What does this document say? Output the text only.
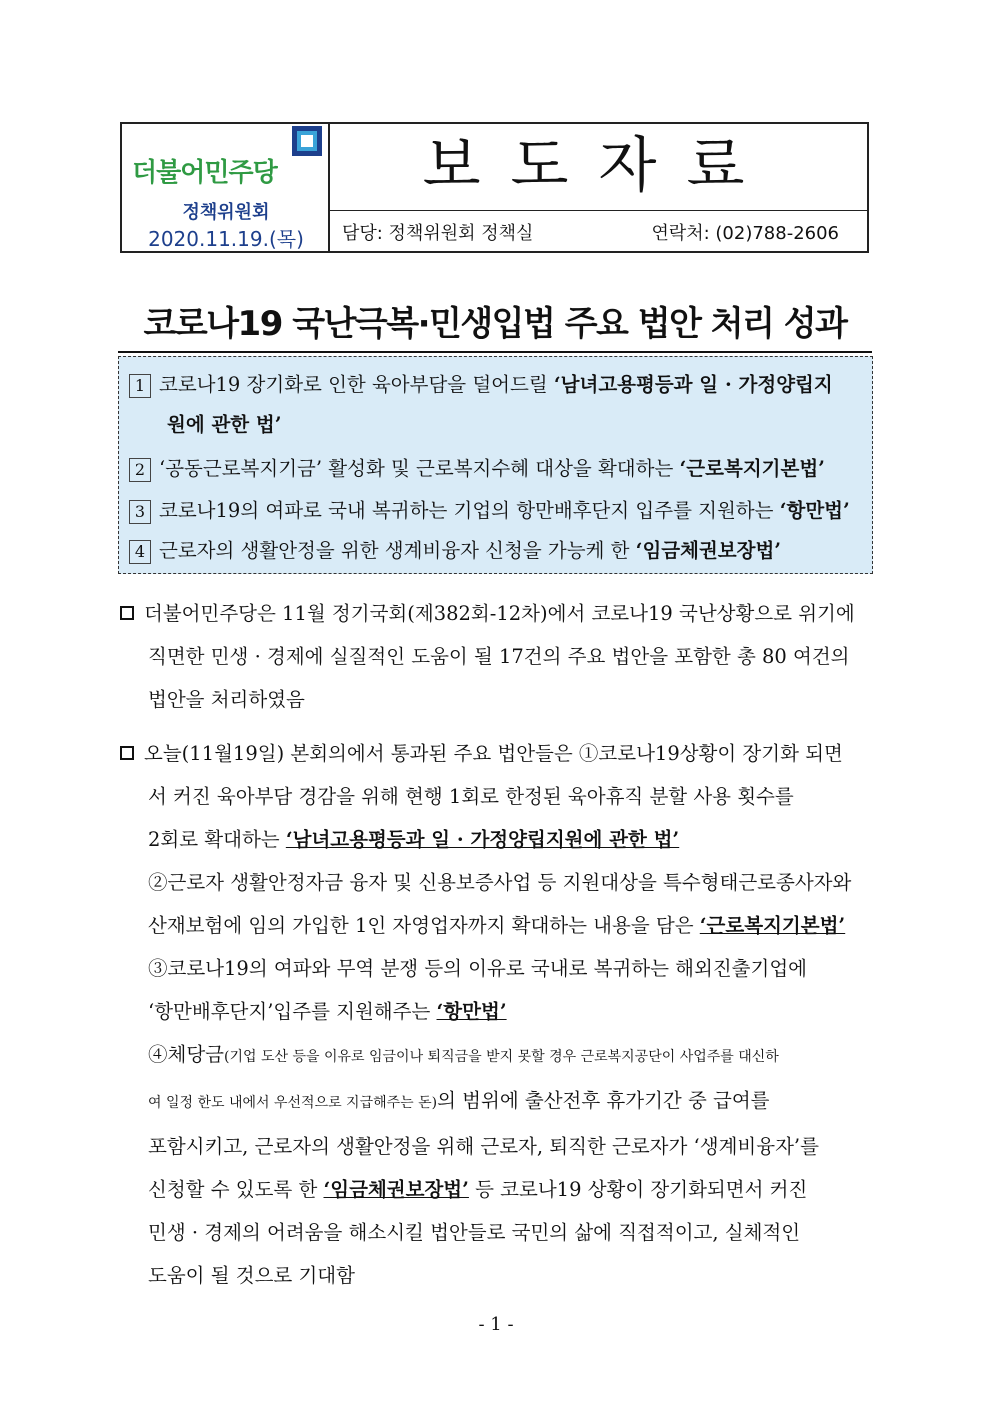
더불어민주당
정책위원회
2020.11.19.(목)
보도자료
담당: 정책위원회 정책실	연락처: (02)788-2606
코로나19 국난극복·민생입법 주요 법안 처리 성과
1 코로나19 장기화로 인한 육아부담을 덜어드릴 ‘남녀고용평등과 일 · 가정양립지
원에 관한 법’
2 ‘공동근로복지기금’ 활성화 및 근로복지수혜 대상을 확대하는 ‘근로복지기본법’
3 코로나19의 여파로 국내 복귀하는 기업의 항만배후단지 입주를 지원하는 ‘항만법’
4 근로자의 생활안정을 위한 생계비융자 신청을 가능케 한 ‘임금체권보장법’
더불어민주당은 11월 정기국회(제382회-12차)에서 코로나19 국난상황으로 위기에
직면한 민생 · 경제에 실질적인 도움이 될 17건의 주요 법안을 포함한 총 80 여건의
법안을 처리하였음
오늘(11월19일) 본회의에서 통과된 주요 법안들은 ①코로나19상황이 장기화 되면
서 커진 육아부담 경감을 위해 현행 1회로 한정된 육아휴직 분할 사용 횟수를
2회로 확대하는 ‘남녀고용평등과 일 · 가정양립지원에 관한 법’
②근로자 생활안정자금 융자 및 신용보증사업 등 지원대상을 특수형태근로종사자와
산재보험에 임의 가입한 1인 자영업자까지 확대하는 내용을 담은 ‘근로복지기본법’
③코로나19의 여파와 무역 분쟁 등의 이유로 국내로 복귀하는 해외진출기업에
‘항만배후단지’입주를 지원해주는 ‘항만법’
④체당금(기업 도산 등을 이유로 임금이나 퇴직금을 받지 못할 경우 근로복지공단이 사업주를 대신하
여 일정 한도 내에서 우선적으로 지급해주는 돈)의 범위에 출산전후 휴가기간 중 급여를
포함시키고, 근로자의 생활안정을 위해 근로자, 퇴직한 근로자가 ‘생계비융자’를
신청할 수 있도록 한 ‘임금체권보장법’ 등 코로나19 상황이 장기화되면서 커진
민생 · 경제의 어려움을 해소시킬 법안들로 국민의 삶에 직접적이고, 실체적인
도움이 될 것으로 기대함
- 1 -
